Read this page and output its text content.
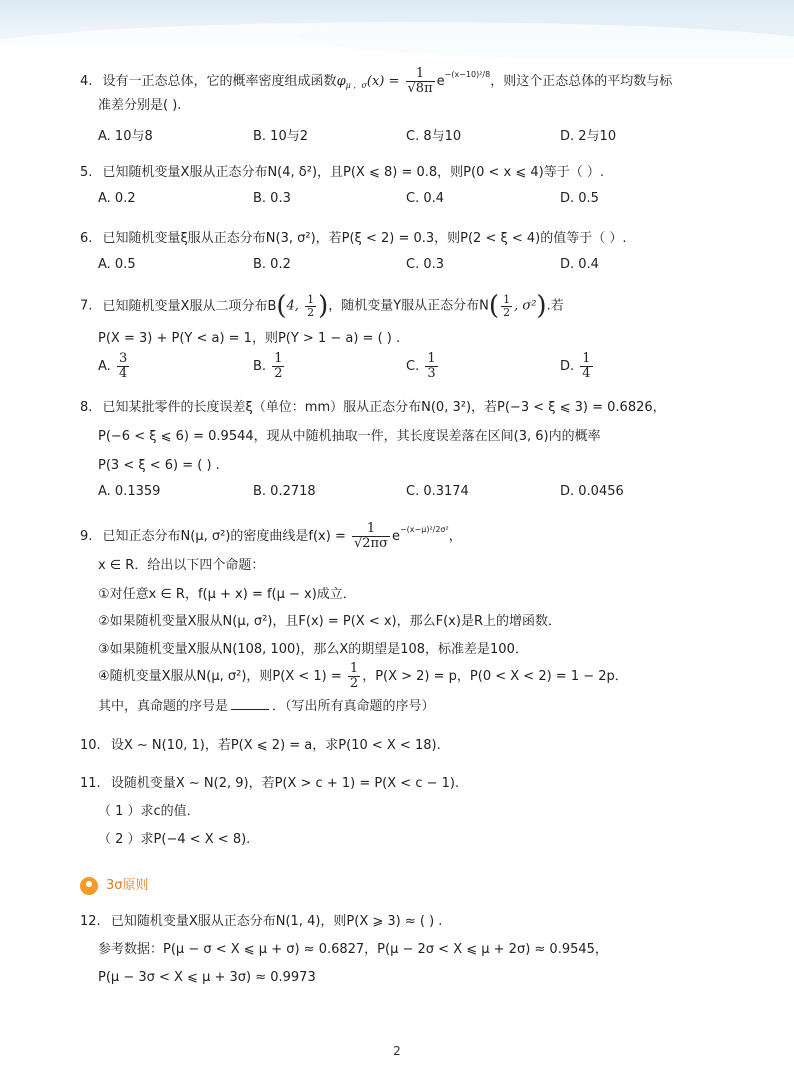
4. 设有一正态总体，它的概率密度组成函数$\varphi_{\mu ,\sigma}(x) = \frac{1}{√8\pi} e^{-(x-10)^2/8}$，则这个正态总体的平均数与标
准差分别是( ).
A. 10与8	B. 10与2	C. 8与10	D. 2与10
5. 已知随机变量X服从正态分布N(4, δ²)，且P(X ⩽ 8) = 0.8，则P(0 < x ⩽ 4)等于（ ）.
A. 0.2	B. 0.3	C. 0.4	D. 0.5
6. 已知随机变量ξ服从正态分布N(3, σ²)，若P(ξ < 2) = 0.3，则P(2 < ξ < 4)的值等于（ ）.
A. 0.5	B. 0.2	C. 0.3	D. 0.4
7. 已知随机变量X服从二项分布B(4, $\frac{1}{2}$ )，随机变量Y服从正态分布$N( \frac{1}{2}$ , σ²).若
P(X = 3) + P(Y < a) = 1，则P(Y > 1 − a) = ( ) .
A. $\frac{3}{4}$	B. $\frac{1}{2}$	C. $\frac{1}{3}$	D. $\frac{1}{4}$
8. 已知某批零件的长度误差ξ（单位：mm）服从正态分布N(0, 3²)，若P(−3 < ξ ⩽ 3) = 0.6826，
P(−6 < ξ ⩽ 6) = 0.9544，现从中随机抽取一件，其长度误差落在区间(3, 6)内的概率
P(3 < ξ < 6) = ( ) .
A. 0.1359	B. 0.2718	C. 0.3174	D. 0.0456
9. 已知正态分布N(μ, σ²)的密度曲线是$f(x) = \frac{1}{√2\pi\sigma} e^{-(x-\mu)^2/2\sigma^2}$，
x ∈ R．给出以下四个命题：
①对任意x ∈ R，f(μ + x) = f(μ − x)成立．
②如果随机变量X服从N(μ, σ²)，且F(x) = P(X < x)，那么F(x)是R上的增函数．
③如果随机变量X服从N(108, 100)，那么X的期望是108，标准差是100．
④随机变量X服从N(μ, σ²)，则$P(X < 1) = \frac{1}{2}$ ，P(X > 2) = p，P(0 < X < 2) = 1 − 2p．
其中，真命题的序号是	．（写出所有真命题的序号）
10. 设X ∼ N(10, 1)，若P(X ⩽ 2) = a，求P(10 < X < 18).
11. 设随机变量X ∼ N(2, 9)，若P(X > c + 1) = P(X < c − 1).
（ 1 ）求c的值．
（ 2 ）求P(−4 < X < 8).
3σ原则
12. 已知随机变量X服从正态分布N(1, 4)，则P(X ⩾ 3) ≈ ( ) .
参考数据：P(μ − σ < X ⩽ μ + σ) ≈ 0.6827，P(μ − 2σ < X ⩽ μ + 2σ) ≈ 0.9545，
P(μ − 3σ < X ⩽ μ + 3σ) ≈ 0.9973
2
